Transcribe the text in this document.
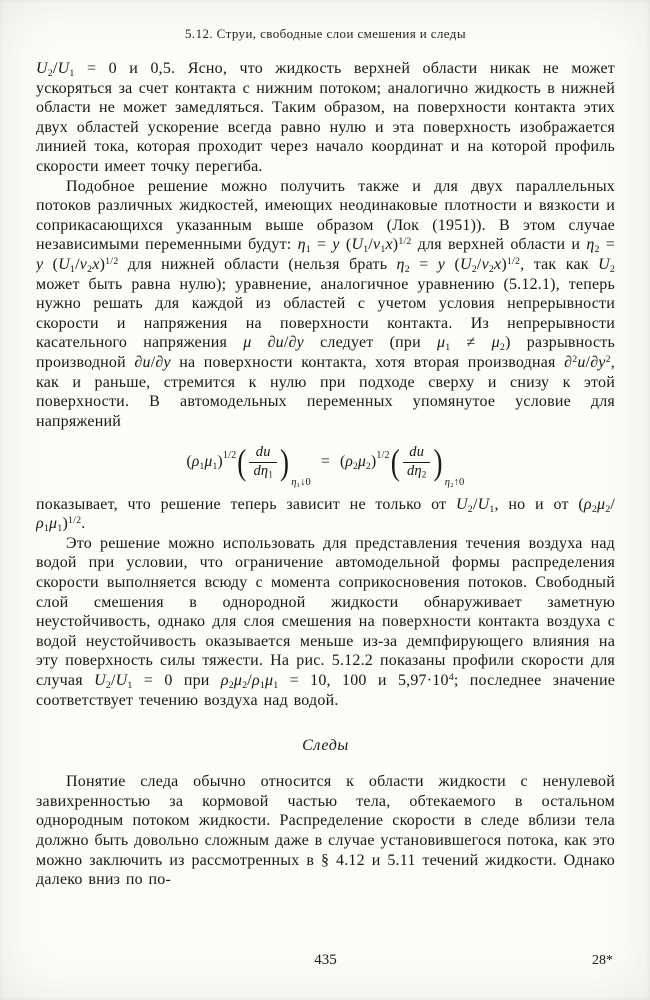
5.12. Струи, свободные слои смешения и следы

$U_2/U_1 = 0$ и 0,5. Ясно, что жидкость верхней области никак не может ускоряться за счет контакта с нижним потоком; аналогично жидкость в нижней области не может замедляться. Таким образом, на поверхности контакта этих двух областей ускорение всегда равно нулю и эта поверхность изображается линией тока, которая проходит через начало координат и на которой профиль скорости имеет точку перегиба.

Подобное решение можно получить также и для двух параллельных потоков различных жидкостей, имеющих неодинаковые плотности и вязкости и соприкасающихся указанным выше образом (Лок (1951)). В этом случае независимыми переменными будут: $\eta_1 = y$ $(U_1/\nu_1x)^{1/2}$ для верхней области и $\eta_2 = y$ $(U_1/\nu_2x)^{1/2}$ для нижней области (нельзя брать $\eta_2 = y$ $(U_2/\nu_2x)^{1/2}$, так как $U_2$ может быть равна нулю); уравнение, аналогичное уравнению (5.12.1), теперь нужно решать для каждой из областей с учетом условия непрерывности скорости и напряжения на поверхности контакта. Из непрерывности касательного напряжения μ ∂u/∂y следует (при $\mu_1 \ne \mu_2$) разрывность производной ∂u/∂y на поверхности контакта, хотя вторая производная $\partial^2u/\partial y^2$, как и раньше, стремится к нулю при подходе сверху и снизу к этой поверхности. В автомодельных переменных упомянутое условие для напряжений

$(\rho_1\mu_1)^{1/2}$ ( $\frac{du}{d\eta_1}$ )
$\eta_1↓0$
= $(\rho_2\mu_2)^{1/2}$ ( $\frac{du}{d\eta_2}$ )
$\eta_2↑0$

показывает, что решение теперь зависит не только от $U_2/U_1$, но и от $(\rho_2\mu_2/\rho_1\mu_1)^{1/2}$.

Это решение можно использовать для представления течения воздуха над водой при условии, что ограничение автомодельной формы распределения скорости выполняется всюду с момента соприкосновения потоков. Свободный слой смешения в однородной жидкости обнаруживает заметную неустойчивость, однако для слоя смешения на поверхности контакта воздуха с водой неустойчивость оказывается меньше из-за демпфирующего влияния на эту поверхность силы тяжести. На рис. 5.12.2 показаны профили скорости для случая $U_2/U_1 = 0$ при $\rho_2\mu_2/\rho_1\mu_1 = 10$, 100 и $5,97\cdot 10^4$; последнее значение соответствует течению воздуха над водой.

Следы

Понятие следа обычно относится к области жидкости с ненулевой завихренностью за кормовой частью тела, обтекаемого в остальном однородным потоком жидкости. Распределение скорости в следе вблизи тела должно быть довольно сложным даже в случае установившегося потока, как это можно заключить из рассмотренных в § 4.12 и 5.11 течений жидкости. Однако далеко вниз по по-

435	28*
